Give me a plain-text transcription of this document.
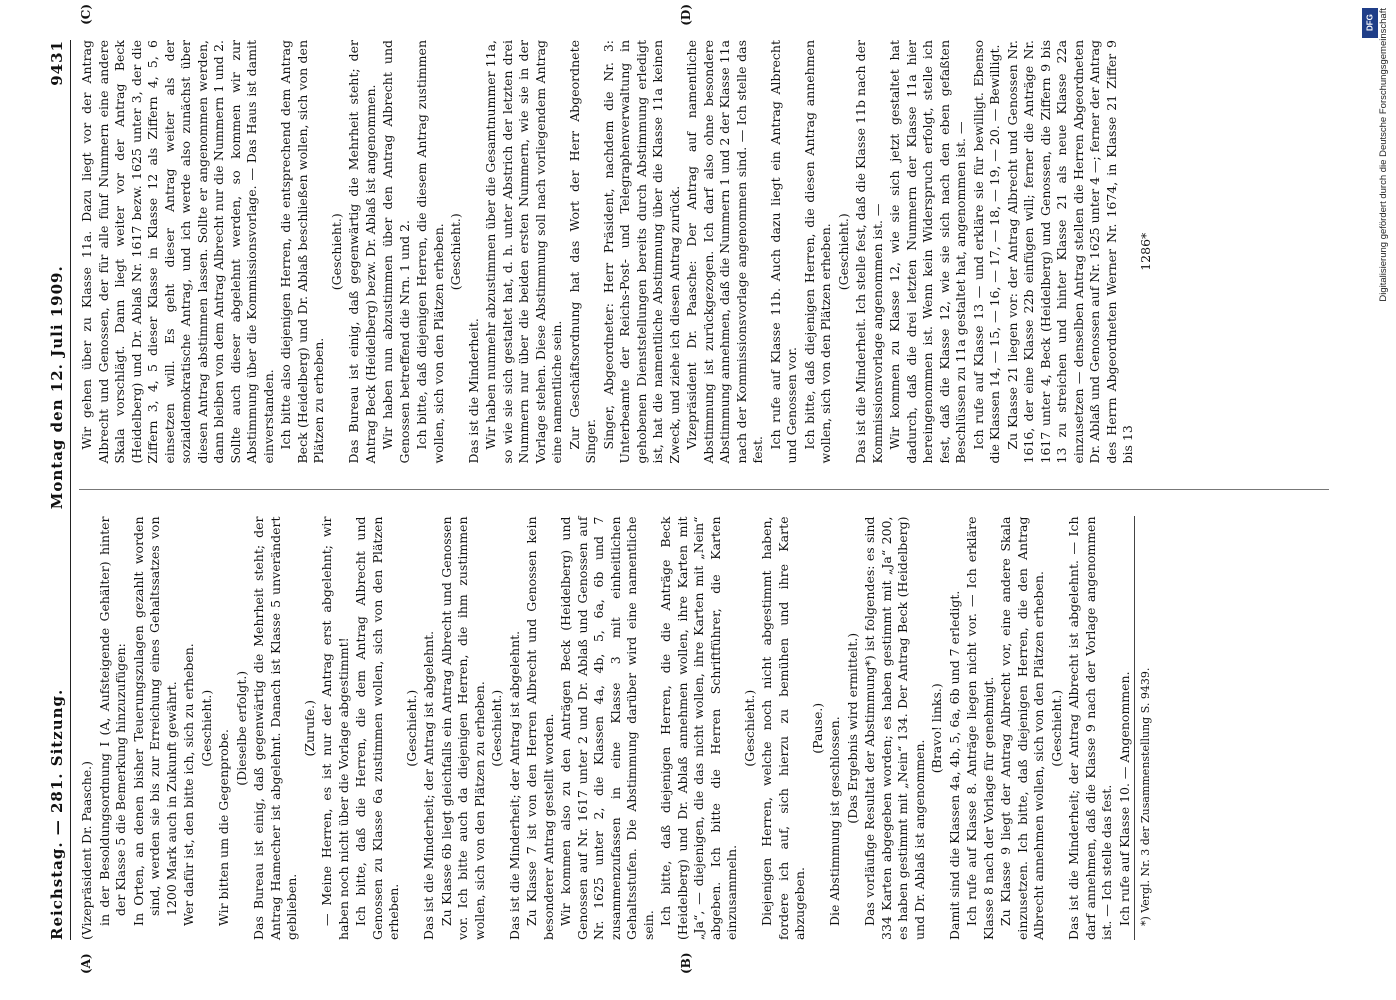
Reichstag. — 281. Sitzung.
Montag den 12. Juli 1909.
9431
(A)	(B)
(C)	(D)

(Vizepräsident Dr. Paasche.) in der Besoldungsordnung I (A, Aufsteigende Gehälter) hinter der Klasse 5 die Bemerkung hinzuzufügen: In Orten, an denen bisher Teuerungszulagen gezahlt worden sind, werden sie bis zur Erreichung eines Gehaltssatzes von 1200 Mark auch in Zukunft gewährt. Wer dafür ist, den bitte ich, sich zu erheben. (Geschieht.)

Wir bitten um die Gegenprobe.

(Dieselbe erfolgt.) Das Bureau ist einig, daß gegenwärtig die Mehrheit steht; der Antrag Hamecher ist abgelehnt. Danach ist Klasse 5 unverändert geblieben.

(Zurufe.) — Meine Herren, es ist nur der Antrag erst abgelehnt; wir haben noch nicht über die Vorlage abgestimmt! Ich bitte, daß die Herren, die dem Antrag Albrecht und Genossen zu Klasse 6a zustimmen wollen, sich von den Plätzen erheben.

(Geschieht.) Das ist die Minderheit; der Antrag ist abgelehnt. Zu Klasse 6b liegt gleichfalls ein Antrag Albrecht und Genossen vor. Ich bitte auch da diejenigen Herren, die ihm zustimmen wollen, sich von den Plätzen zu erheben. (Geschieht.) Das ist die Minderheit; der Antrag ist abgelehnt. Zu Klasse 7 ist von den Herren Albrecht und Genossen kein besonderer Antrag gestellt worden. Wir kommen also zu den Anträgen Beck (Heidelberg) und Genossen auf Nr. 1617 unter 2 und Dr. Ablaß und Genossen auf Nr. 1625 unter 2, die Klassen 4a, 4b, 5, 6a, 6b und 7 zusammenzufassen in eine Klasse 3 mit einheitlichen Gehaltsstufen. Die Abstimmung darüber wird eine namentliche sein. Ich bitte, daß diejenigen Herren, die die Anträge Beck (Heidelberg) und Dr. Ablaß annehmen wollen, ihre Karten mit „Ja“, — diejenigen, die das nicht wollen, ihre Karten mit „Nein“ abgeben. Ich bitte die Herren Schriftführer, die Karten einzusammeln.

(Geschieht.) Diejenigen Herren, welche noch nicht abgestimmt haben, fordere ich auf, sich hierzu zu bemühen und ihre Karte abzugeben.

(Pause.) Die Abstimmung ist geschlossen. (Das Ergebnis wird ermittelt.) Das vorläufige Resultat der Abstimmung*) ist folgendes: es sind 334 Karten abgegeben worden; es haben gestimmt mit „Ja“ 200, es haben gestimmt mit „Nein“ 134. Der Antrag Beck (Heidelberg) und Dr. Ablaß ist angenommen.

(Bravo! links.) Damit sind die Klassen 4a, 4b, 5, 6a, 6b und 7 erledigt. Ich rufe auf Klasse 8. Anträge liegen nicht vor. — Ich erkläre Klasse 8 nach der Vorlage für genehmigt. Zu Klasse 9 liegt der Antrag Albrecht vor, eine andere Skala einzusetzen. Ich bitte, daß diejenigen Herren, die den Antrag Albrecht annehmen wollen, sich von den Plätzen erheben. (Geschieht.) Das ist die Minderheit; der Antrag Albrecht ist abgelehnt. — Ich darf annehmen, daß die Klasse 9 nach der Vorlage angenommen ist. — Ich stelle das fest. Ich rufe auf Klasse 10. — Angenommen. *) Vergl. Nr. 3 der Zusammenstellung S. 9439.

Wir gehen über zu Klasse 11a. Dazu liegt vor der Antrag Albrecht und Genossen, der für alle fünf Nummern eine andere Skala vorschlägt. Dann liegt weiter vor der Antrag Beck (Heidelberg) und Dr. Ablaß Nr. 1617 bezw. 1625 unter 3, der die Ziffern 3, 4, 5 dieser Klasse in Klasse 12 als Ziffern 4, 5, 6 einsetzen will. Es geht dieser Antrag weiter als der sozialdemokratische Antrag, und ich werde also zunächst über diesen Antrag abstimmen lassen. Sollte er angenommen werden, dann bleiben von dem Antrag Albrecht nur die Nummern 1 und 2. Sollte auch dieser abgelehnt werden, so kommen wir zur Abstimmung über die Kommissionsvorlage. — Das Haus ist damit einverstanden. Ich bitte also diejenigen Herren, die entsprechend dem Antrag Beck (Heidelberg) und Dr. Ablaß beschließen wollen, sich von den Plätzen zu erheben.

(Geschieht.) Das Bureau ist einig, daß gegenwärtig die Mehrheit steht; der Antrag Beck (Heidelberg) bezw. Dr. Ablaß ist angenommen. Wir haben nun abzustimmen über den Antrag Albrecht und Genossen betreffend die Nrn. 1 und 2. Ich bitte, daß diejenigen Herren, die diesem Antrag zustimmen wollen, sich von den Plätzen erheben. (Geschieht.)

Das ist die Minderheit. Wir haben nunmehr abzustimmen über die Gesamtnummer 11a, so wie sie sich gestaltet hat, d. h. unter Abstrich der letzten drei Nummern nur über die beiden ersten Nummern, wie sie in der Vorlage stehen. Diese Abstimmung soll nach vorliegendem Antrag eine namentliche sein. Zur Geschäftsordnung hat das Wort der Herr Abgeordnete Singer. Singer, Abgeordneter: Herr Präsident, nachdem die Nr. 3: Unterbeamte der Reichs-Post- und Telegraphenverwaltung in gehobenen Dienststellungen bereits durch Abstimmung erledigt ist, hat die namentliche Abstimmung über die Klasse 11a keinen Zweck, und ziehe ich diesen Antrag zurück. Vizepräsident Dr. Paasche: Der Antrag auf namentliche Abstimmung ist zurückgezogen. Ich darf also ohne besondere Abstimmung annehmen, daß die Nummern 1 und 2 der Klasse 11a nach der Kommissionsvorlage angenommen sind. — Ich stelle das fest.

Ich rufe auf Klasse 11b. Auch dazu liegt ein Antrag Albrecht und Genossen vor. Ich bitte, daß diejenigen Herren, die diesen Antrag annehmen wollen, sich von den Plätzen erheben. (Geschieht.) Das ist die Minderheit. Ich stelle fest, daß die Klasse 11b nach der Kommissionsvorlage angenommen ist. — Wir kommen zu Klasse 12, wie sie sich jetzt gestaltet hat dadurch, daß die drei letzten Nummern der Klasse 11a hier hereingenommen ist. Wenn kein Widerspruch erfolgt, stelle ich fest, daß die Klasse 12, wie sie sich nach den eben gefaßten Beschlüssen zu 11a gestaltet hat, angenommen ist. — Ich rufe auf Klasse 13 — und erkläre sie für bewilligt. Ebenso die Klassen 14, — 15, — 16, — 17, — 18, — 19, — 20. — Bewilligt. Zu Klasse 21 liegen vor: der Antrag Albrecht und Genossen Nr. 1616, der eine Klasse 22b einfügen will; ferner die Anträge Nr. 1617 unter 4, Beck (Heidelberg) und Genossen, die Ziffern 9 bis 13 zu streichen und hinter Klasse 21 als neue Klasse 22a einzusetzen — denselben Antrag stellen die Herren Abgeordneten Dr. Ablaß und Genossen auf Nr. 1625 unter 4 —; ferner der Antrag des Herrn Abgeordneten Werner Nr. 1674, in Klasse 21 Ziffer 9 bis 13

1286*

DFG Digitalisierung gefördert durch die Deutsche Forschungsgemeinschaft
